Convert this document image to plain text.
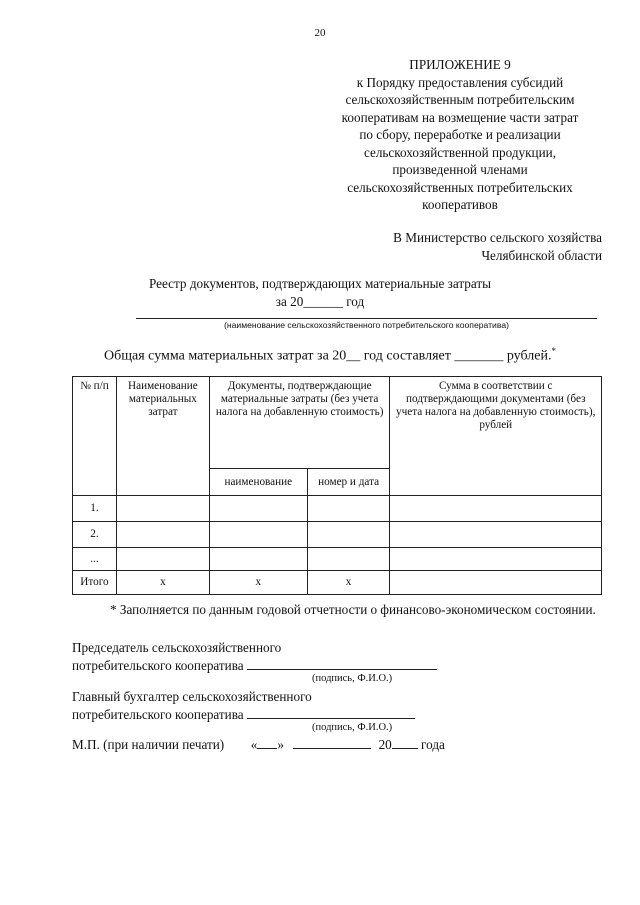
20
ПРИЛОЖЕНИЕ 9
к Порядку предоставления субсидий
сельскохозяйственным потребительским
кооперативам на возмещение части затрат
по сбору, переработке и реализации
сельскохозяйственной продукции,
произведенной членами
сельскохозяйственных потребительских
кооперативов
В Министерство сельского хозяйства
Челябинской области
Реестр документов, подтверждающих материальные затраты
за 20______ год
(наименование сельскохозяйственного потребительского кооператива)
Общая сумма материальных затрат за 20__ год составляет _______ рублей.*
№ п/п	Наименование материальных затрат	Документы, подтверждающие материальные затраты (без учета налога на добавленную стоимость)		Сумма в соответствии с подтверждающими документами (без учета налога на добавленную стоимость), рублей
		наименование	номер и дата	
1.				
2.				
...				
Итого	x	x	x	
* Заполняется по данным годовой отчетности о финансово-экономическом состоянии.
Председатель сельскохозяйственного
потребительского кооператива
(подпись, Ф.И.О.)
Главный бухгалтер сельскохозяйственного
потребительского кооператива
(подпись, Ф.И.О.)
М.П. (при наличии печати) « »	20 года
